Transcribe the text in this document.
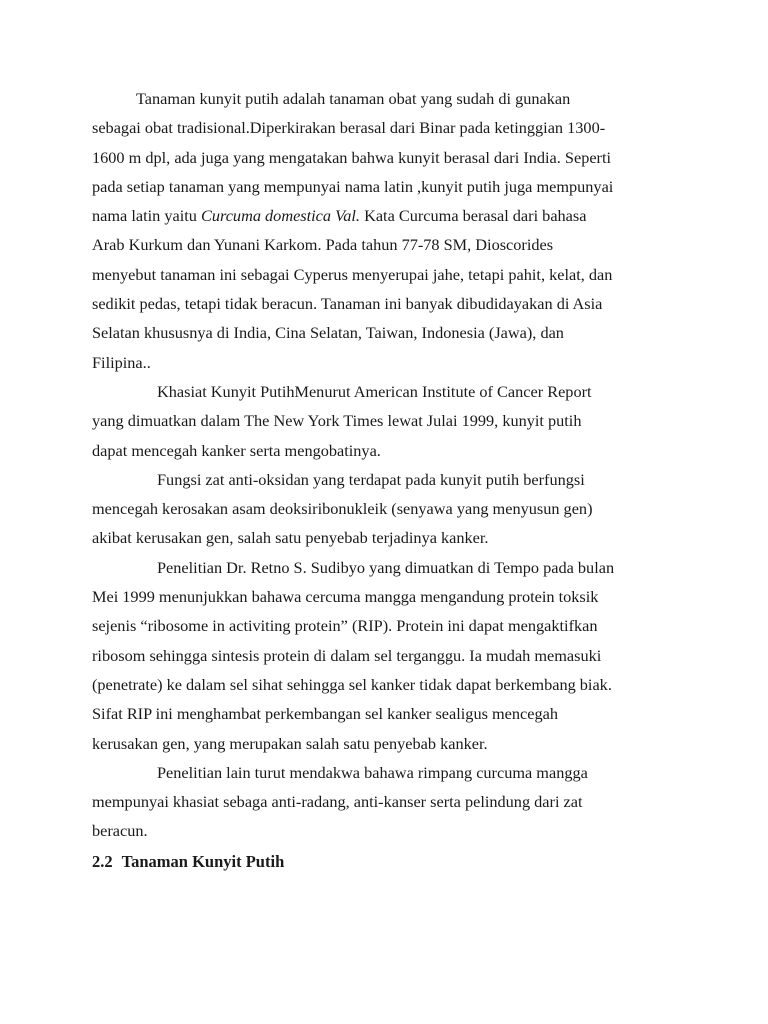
Tanaman kunyit putih adalah tanaman obat yang sudah di gunakan
sebagai obat tradisional.Diperkirakan berasal dari Binar pada ketinggian 1300-
1600 m dpl, ada juga yang mengatakan bahwa kunyit berasal dari India. Seperti
pada setiap tanaman yang mempunyai nama latin ,kunyit putih juga mempunyai
nama latin yaitu Curcuma domestica Val. Kata Curcuma berasal dari bahasa
Arab Kurkum dan Yunani Karkom. Pada tahun 77-78 SM, Dioscorides
menyebut tanaman ini sebagai Cyperus menyerupai jahe, tetapi pahit, kelat, dan
sedikit pedas, tetapi tidak beracun. Tanaman ini banyak dibudidayakan di Asia
Selatan khususnya di India, Cina Selatan, Taiwan, Indonesia (Jawa), dan
Filipina..
Khasiat Kunyit PutihMenurut American Institute of Cancer Report
yang dimuatkan dalam The New York Times lewat Julai 1999, kunyit putih
dapat mencegah kanker serta mengobatinya.
Fungsi zat anti-oksidan yang terdapat pada kunyit putih berfungsi
mencegah kerosakan asam deoksiribonukleik (senyawa yang menyusun gen)
akibat kerusakan gen, salah satu penyebab terjadinya kanker.
Penelitian Dr. Retno S. Sudibyo yang dimuatkan di Tempo pada bulan
Mei 1999 menunjukkan bahawa cercuma mangga mengandung protein toksik
sejenis “ribosome in activiting protein” (RIP). Protein ini dapat mengaktifkan
ribosom sehingga sintesis protein di dalam sel terganggu. Ia mudah memasuki
(penetrate) ke dalam sel sihat sehingga sel kanker tidak dapat berkembang biak.
Sifat RIP ini menghambat perkembangan sel kanker sealigus mencegah
kerusakan gen, yang merupakan salah satu penyebab kanker.
Penelitian lain turut mendakwa bahawa rimpang curcuma mangga
mempunyai khasiat sebaga anti-radang, anti-kanser serta pelindung dari zat
beracun.
2.2 Tanaman Kunyit Putih
